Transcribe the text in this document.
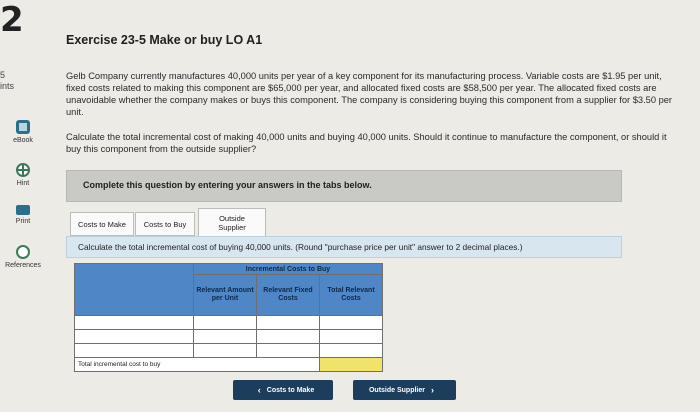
2
5
ints
eBook
Hint
Print
References
Exercise 23-5 Make or buy LO A1
Gelb Company currently manufactures 40,000 units per year of a key component for its manufacturing process. Variable costs are $1.95 per unit, fixed costs related to making this component are $65,000 per year, and allocated fixed costs are $58,500 per year. The allocated fixed costs are unavoidable whether the company makes or buys this component. The company is considering buying this component from a supplier for $3.50 per unit.
Calculate the total incremental cost of making 40,000 units and buying 40,000 units. Should it continue to manufacture the component, or should it buy this component from the outside supplier?
Complete this question by entering your answers in the tabs below.
Costs to Make	Costs to Buy
Outside Supplier
Calculate the total incremental cost of buying 40,000 units. (Round "purchase price per unit" answer to 2 decimal places.)
	Incremental Costs to Buy		
	Relevant Amount per Unit	Relevant Fixed Costs	Total Relevant Costs

Total incremental cost to buy			
‹ Costs to Make	Outside Supplier ›
